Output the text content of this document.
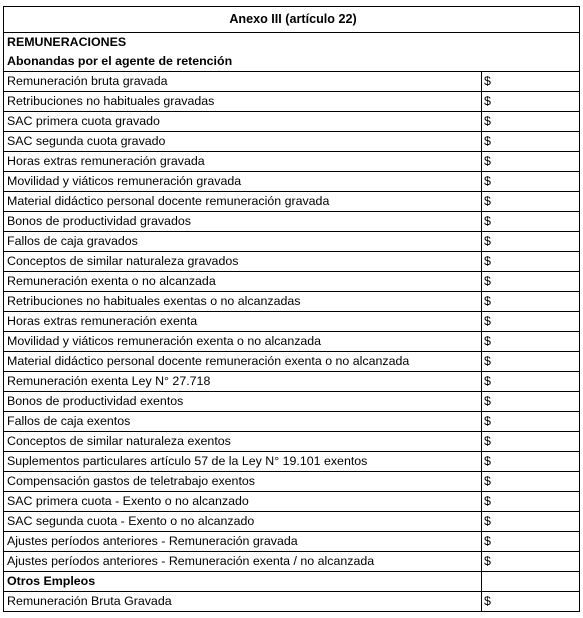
Anexo III (artículo 22)	
REMUNERACIONES	
Abonandas por el agente de retención	
Remuneración bruta gravada	$
Retribuciones no habituales gravadas	$
SAC primera cuota gravado	$
SAC segunda cuota gravado	$
Horas extras remuneración gravada	$
Movilidad y viáticos remuneración gravada	$
Material didáctico personal docente remuneración gravada	$
Bonos de productividad gravados	$
Fallos de caja gravados	$
Conceptos de similar naturaleza gravados	$
Remuneración exenta o no alcanzada	$
Retribuciones no habituales exentas o no alcanzadas	$
Horas extras remuneración exenta	$
Movilidad y viáticos remuneración exenta o no alcanzada	$
Material didáctico personal docente remuneración exenta o no alcanzada	$
Remuneración exenta Ley N° 27.718	$
Bonos de productividad exentos	$
Fallos de caja exentos	$
Conceptos de similar naturaleza exentos	$
Suplementos particulares artículo 57 de la Ley N° 19.101 exentos	$
Compensación gastos de teletrabajo exentos	$
SAC primera cuota - Exento o no alcanzado	$
SAC segunda cuota - Exento o no alcanzado	$
Ajustes períodos anteriores - Remuneración gravada	$
Ajustes períodos anteriores - Remuneración exenta / no alcanzada	$
Otros Empleos	
Remuneración Bruta Gravada	$
